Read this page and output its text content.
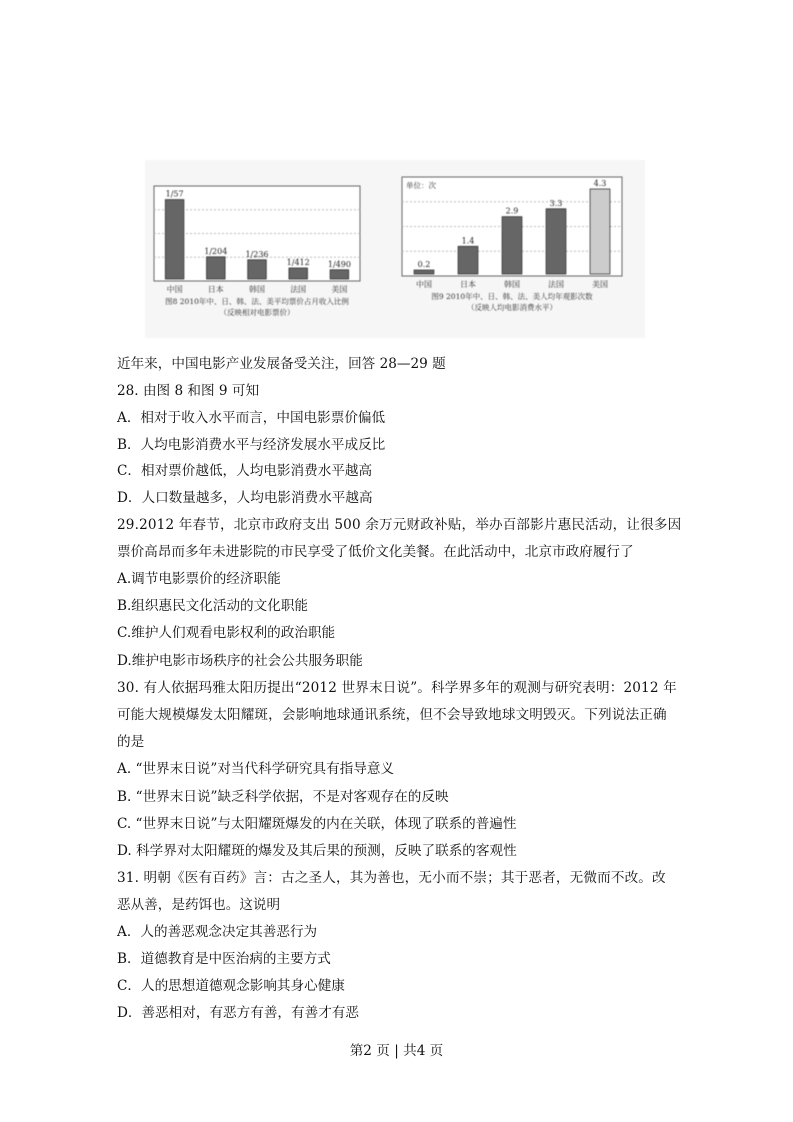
1/57
中国
1/204
日本
1/236
韩国
1/412
法国
1/490
美国
图8 2010年中、日、韩、法、美平均票价占月收入比例
（反映相对电影票价）
0.2
中国
1.4
日本
2.9
韩国
3.3
法国
4.3
美国
图9 2010年中、日、韩、法、美人均年观影次数
（反映人均电影消费水平）
单位：次
近年来，中国电影产业发展备受关注，回答 28—29 题
28. 由图 8 和图 9 可知
A．相对于收入水平而言，中国电影票价偏低
B．人均电影消费水平与经济发展水平成反比
C．相对票价越低，人均电影消费水平越高
D．人口数量越多，人均电影消费水平越高
29.2012 年春节，北京市政府支出 500 余万元财政补贴，举办百部影片惠民活动，让很多因
票价高昂而多年未进影院的市民享受了低价文化美餐。在此活动中，北京市政府履行了
A.调节电影票价的经济职能
B.组织惠民文化活动的文化职能
C.维护人们观看电影权利的政治职能
D.维护电影市场秩序的社会公共服务职能
30. 有人依据玛雅太阳历提出“2012 世界末日说”。科学界多年的观测与研究表明：2012 年
可能大规模爆发太阳耀斑，会影响地球通讯系统，但不会导致地球文明毁灭。下列说法正确
的是
A. “世界末日说”对当代科学研究具有指导意义
B. “世界末日说”缺乏科学依据，不是对客观存在的反映
C. “世界末日说”与太阳耀斑爆发的内在关联，体现了联系的普遍性
D. 科学界对太阳耀斑的爆发及其后果的预测，反映了联系的客观性
31. 明朝《医有百药》言：古之圣人，其为善也，无小而不崇；其于恶者，无微而不改。改
恶从善，是药饵也。这说明
A．人的善恶观念决定其善恶行为
B．道德教育是中医治病的主要方式
C．人的思想道德观念影响其身心健康
D．善恶相对，有恶方有善，有善才有恶
第2 页 | 共4 页
